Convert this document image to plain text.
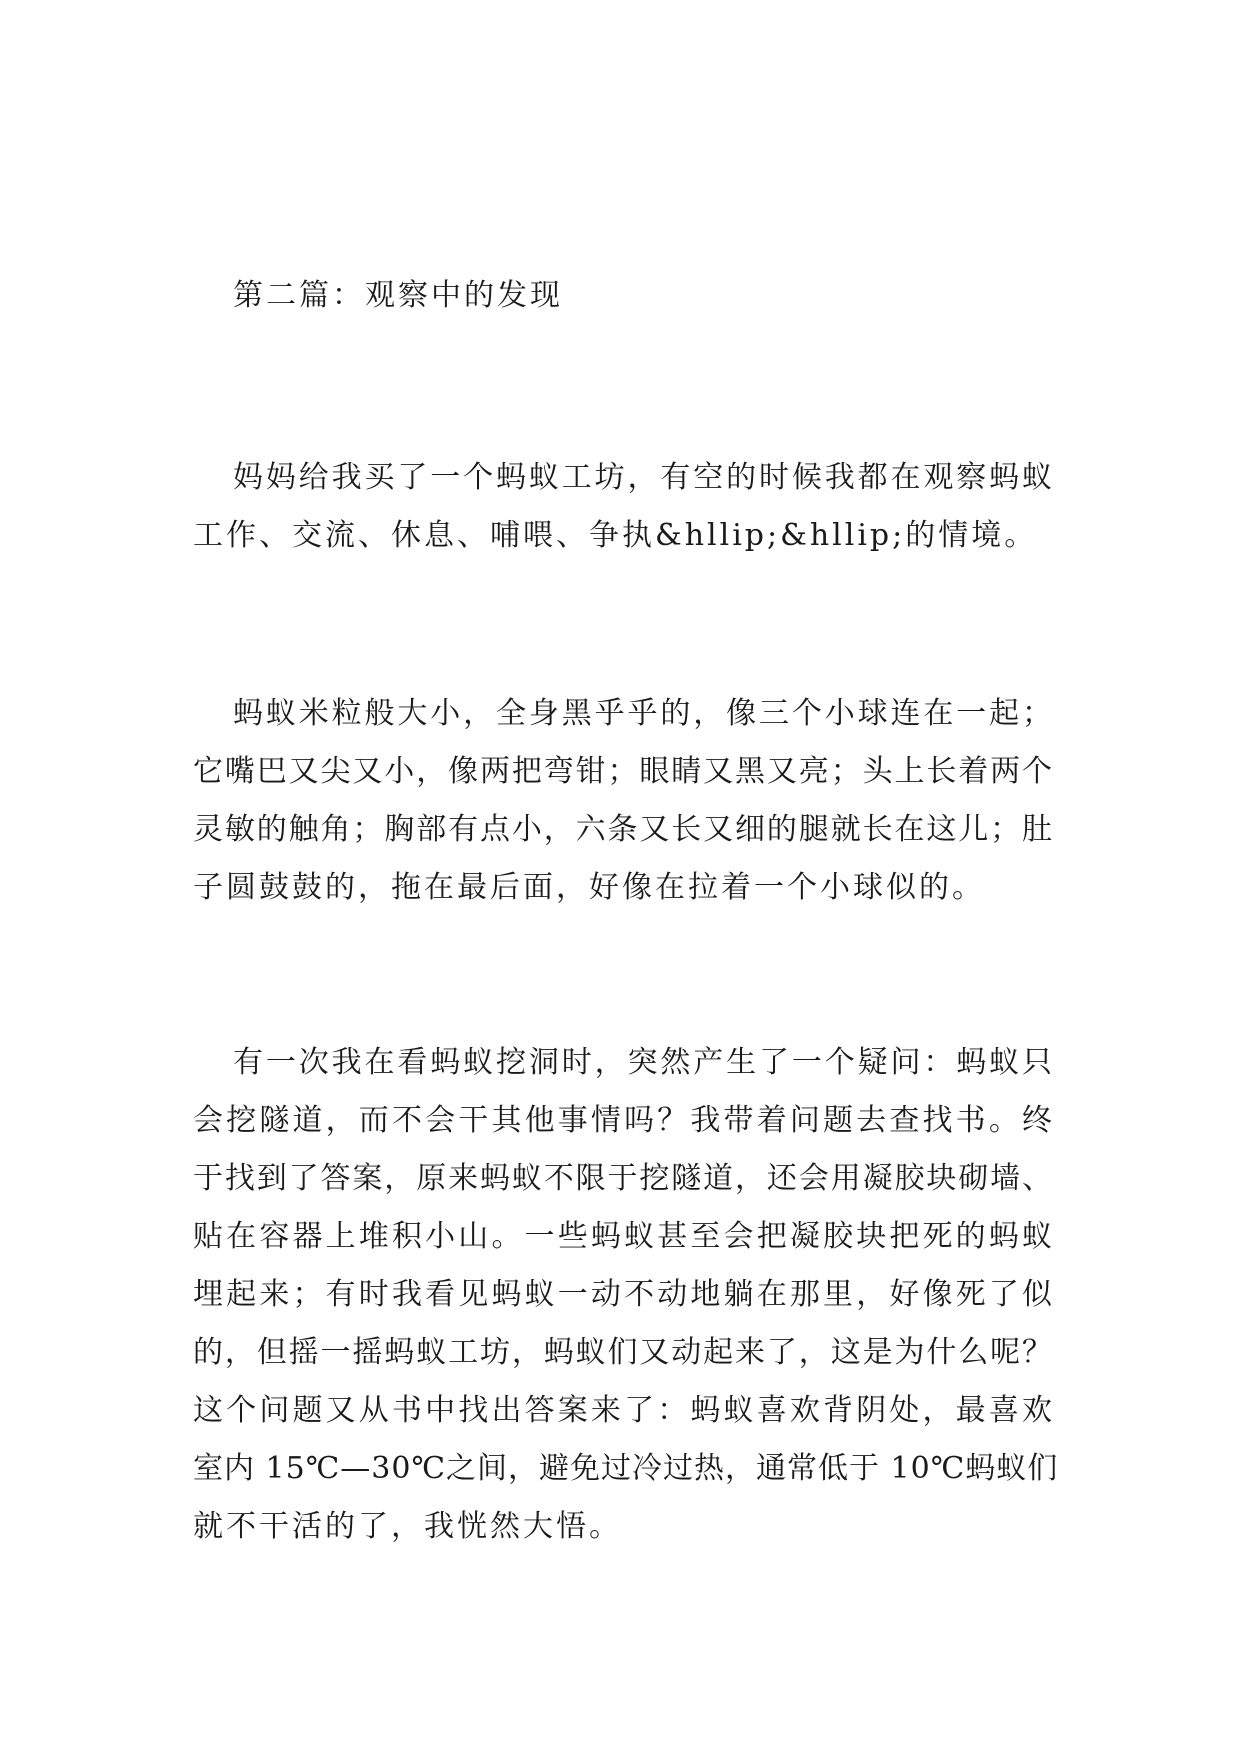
第二篇：观察中的发现
妈妈给我买了一个蚂蚁工坊，有空的时候我都在观察蚂蚁
工作、交流、休息、哺喂、争执&hllip;&hllip;的情境。
蚂蚁米粒般大小，全身黑乎乎的，像三个小球连在一起；
它嘴巴又尖又小，像两把弯钳；眼睛又黑又亮；头上长着两个
灵敏的触角；胸部有点小，六条又长又细的腿就长在这儿；肚
子圆鼓鼓的，拖在最后面，好像在拉着一个小球似的。
有一次我在看蚂蚁挖洞时，突然产生了一个疑问：蚂蚁只
会挖隧道，而不会干其他事情吗？我带着问题去查找书。终
于找到了答案，原来蚂蚁不限于挖隧道，还会用凝胶块砌墙、
贴在容器上堆积小山。一些蚂蚁甚至会把凝胶块把死的蚂蚁
埋起来；有时我看见蚂蚁一动不动地躺在那里，好像死了似
的，但摇一摇蚂蚁工坊，蚂蚁们又动起来了，这是为什么呢？
这个问题又从书中找出答案来了：蚂蚁喜欢背阴处，最喜欢
室内 15℃—30℃之间，避免过冷过热，通常低于 10℃蚂蚁们
就不干活的了，我恍然大悟。
